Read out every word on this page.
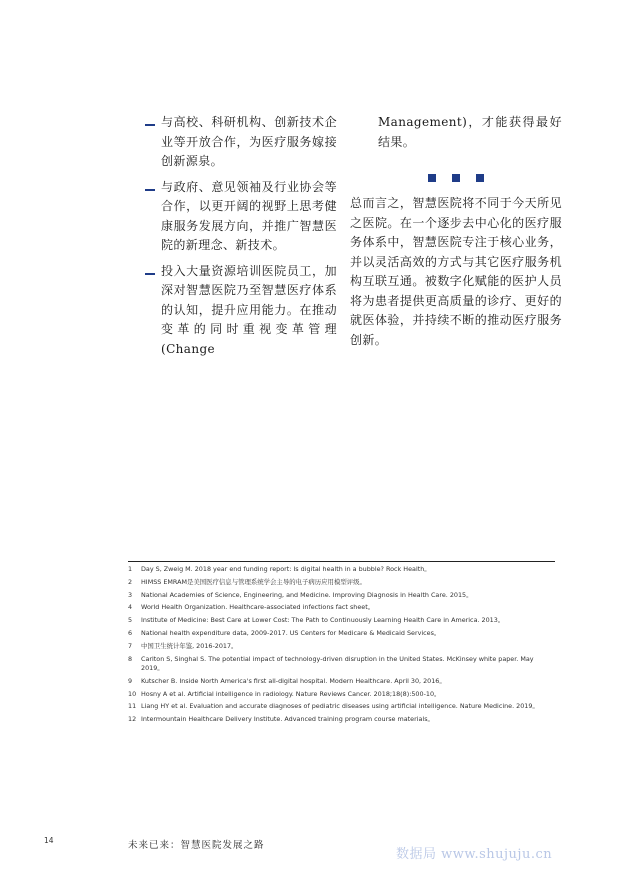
与高校、科研机构、创新技术企业等开放合作，为医疗服务嫁接创新源泉。

与政府、意见领袖及行业协会等合作，以更开阔的视野上思考健康服务发展方向，并推广智慧医院的新理念、新技术。

投入大量资源培训医院员工，加深对智慧医院乃至智慧医疗体系的认知，提升应用能力。在推动变革的同时重视变革管理 (Change

Management)，才能获得最好结果。

总而言之，智慧医院将不同于今天所见之医院。在一个逐步去中心化的医疗服务体系中，智慧医院专注于核心业务，并以灵活高效的方式与其它医疗服务机构互联互通。被数字化赋能的医护人员将为患者提供更高质量的诊疗、更好的就医体验，并持续不断的推动医疗服务创新。

1	Day S, Zweig M. 2018 year end funding report: Is digital health in a bubble? Rock Health。
2	HIMSS EMRAM是美国医疗信息与管理系统学会主导的电子病历应用模型评级。
3	National Academies of Science, Engineering, and Medicine. Improving Diagnosis in Health Care. 2015。
4	World Health Organization. Healthcare-associated infections fact sheet。
5	Institute of Medicine: Best Care at Lower Cost: The Path to Continuously Learning Health Care in America. 2013。
6	National health expenditure data, 2009-2017. US Centers for Medicare & Medicaid Services。
7	中国卫生统计年鉴, 2016-2017。
8	Carlton S, Singhal S. The potential impact of technology-driven disruption in the United States. McKinsey white paper. May 2019。
9	Kutscher B. Inside North America's first all-digital hospital. Modern Healthcare. April 30, 2016。
10 Hosny A et al. Artificial intelligence in radiology. Nature Reviews Cancer. 2018;18(8):500-10。
11 Liang HY et al. Evaluation and accurate diagnoses of pediatric diseases using artificial intelligence. Nature Medicine. 2019。
12 Intermountain Healthcare Delivery Institute. Advanced training program course materials。
14	未来已来：智慧医院发展之路
数据局 www.shujuju.cn
